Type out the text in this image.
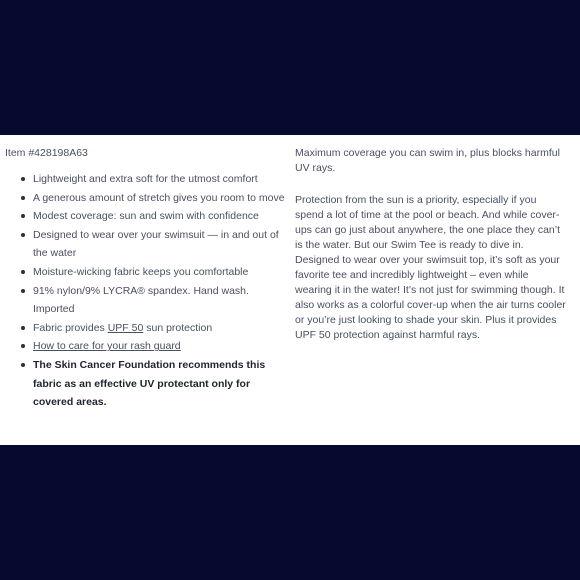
Item #428198A63

Lightweight and extra soft for the utmost comfort
A generous amount of stretch gives you room to move
Modest coverage: sun and swim with confidence
Designed to wear over your swimsuit — in and out of the water
Moisture-wicking fabric keeps you comfortable
91% nylon/9% LYCRA® spandex. Hand wash. Imported
Fabric provides UPF 50 sun protection
How to care for your rash guard
The Skin Cancer Foundation recommends this fabric as an effective UV protectant only for covered areas.

Maximum coverage you can swim in, plus blocks harmful UV rays.

Protection from the sun is a priority, especially if you spend a lot of time at the pool or beach. And while cover-ups can go just about anywhere, the one place they can’t is the water. But our Swim Tee is ready to dive in. Designed to wear over your swimsuit top, it’s soft as your favorite tee and incredibly lightweight – even while wearing it in the water! It’s not just for swimming though. It also works as a colorful cover-up when the air turns cooler or you’re just looking to shade your skin. Plus it provides UPF 50 protection against harmful rays.
